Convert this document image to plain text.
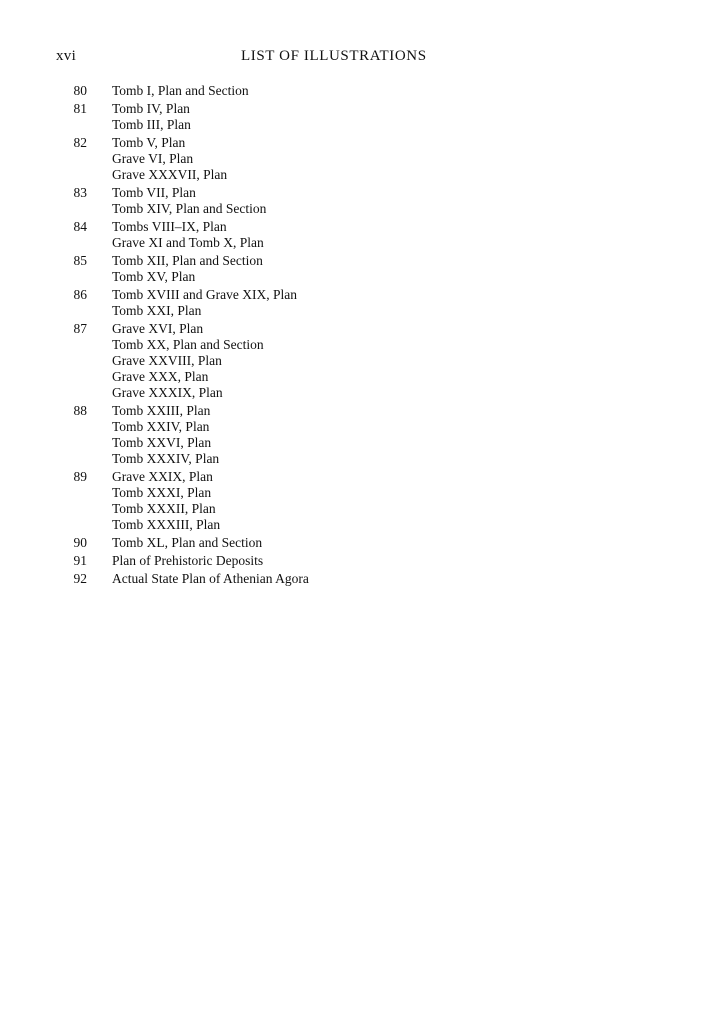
xvi	LIST OF ILLUSTRATIONS
80	Tomb I, Plan and Section
81	Tomb IV, Plan
Tomb III, Plan
82	Tomb V, Plan
Grave VI, Plan
Grave XXXVII, Plan
83	Tomb VII, Plan
Tomb XIV, Plan and Section
84	Tombs VIII–IX, Plan
Grave XI and Tomb X, Plan
85	Tomb XII, Plan and Section
Tomb XV, Plan
86	Tomb XVIII and Grave XIX, Plan
Tomb XXI, Plan
87	Grave XVI, Plan
Tomb XX, Plan and Section
Grave XXVIII, Plan
Grave XXX, Plan
Grave XXXIX, Plan
88	Tomb XXIII, Plan
Tomb XXIV, Plan
Tomb XXVI, Plan
Tomb XXXIV, Plan
89	Grave XXIX, Plan
Tomb XXXI, Plan
Tomb XXXII, Plan
Tomb XXXIII, Plan
90	Tomb XL, Plan and Section
91	Plan of Prehistoric Deposits
92	Actual State Plan of Athenian Agora
